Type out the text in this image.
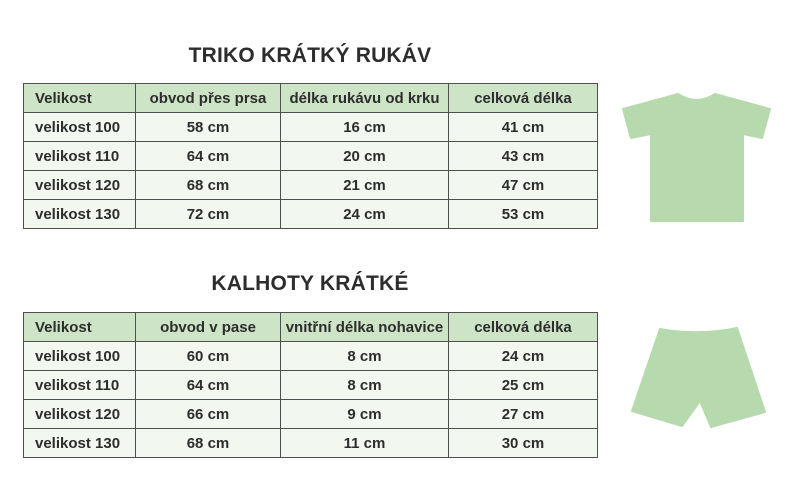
TRIKO KRÁTKÝ RUKÁV
Velikost	obvod přes prsa	délka rukávu od krku	celková délka
velikost 100	58 cm	16 cm	41 cm
velikost 110	64 cm	20 cm	43 cm
velikost 120	68 cm	21 cm	47 cm
velikost 130	72 cm	24 cm	53 cm
KALHOTY KRÁTKÉ
Velikost	obvod v pase	vnitřní délka nohavice	celková délka
velikost 100	60 cm	8 cm	24 cm
velikost 110	64 cm	8 cm	25 cm
velikost 120	66 cm	9 cm	27 cm
velikost 130	68 cm	11 cm	30 cm
